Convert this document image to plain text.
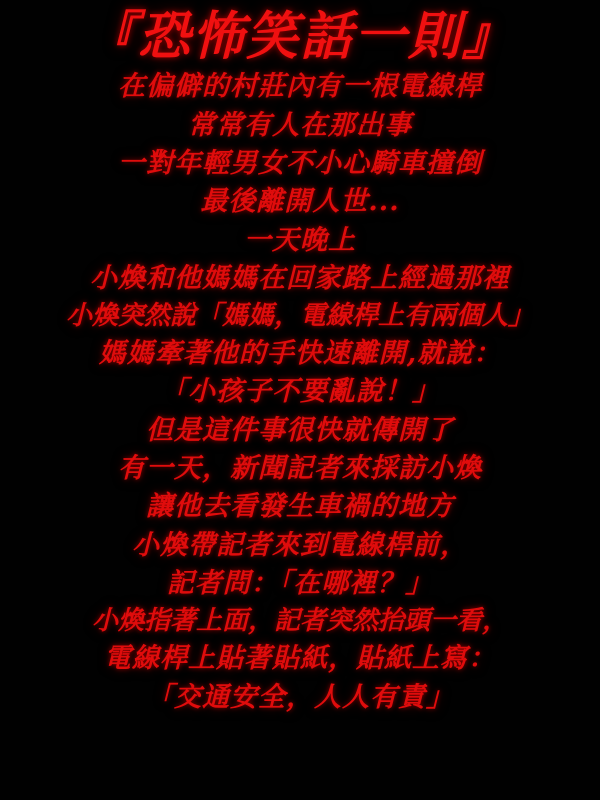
『恐怖笑話一則』
在偏僻的村莊內有一根電線桿
常常有人在那出事
一對年輕男女不小心騎車撞倒
最後離開人世...
一天晚上
小煥和他媽媽在回家路上經過那裡
小煥突然說「媽媽，電線桿上有兩個人」
媽媽牽著他的手快速離開,就說：
「小孩子不要亂說！」
但是這件事很快就傳開了
有一天，新聞記者來採訪小煥
讓他去看發生車禍的地方
小煥帶記者來到電線桿前，
記者問：「在哪裡？」
小煥指著上面，記者突然抬頭一看，
電線桿上貼著貼紙，貼紙上寫：
「交通安全，人人有責」
